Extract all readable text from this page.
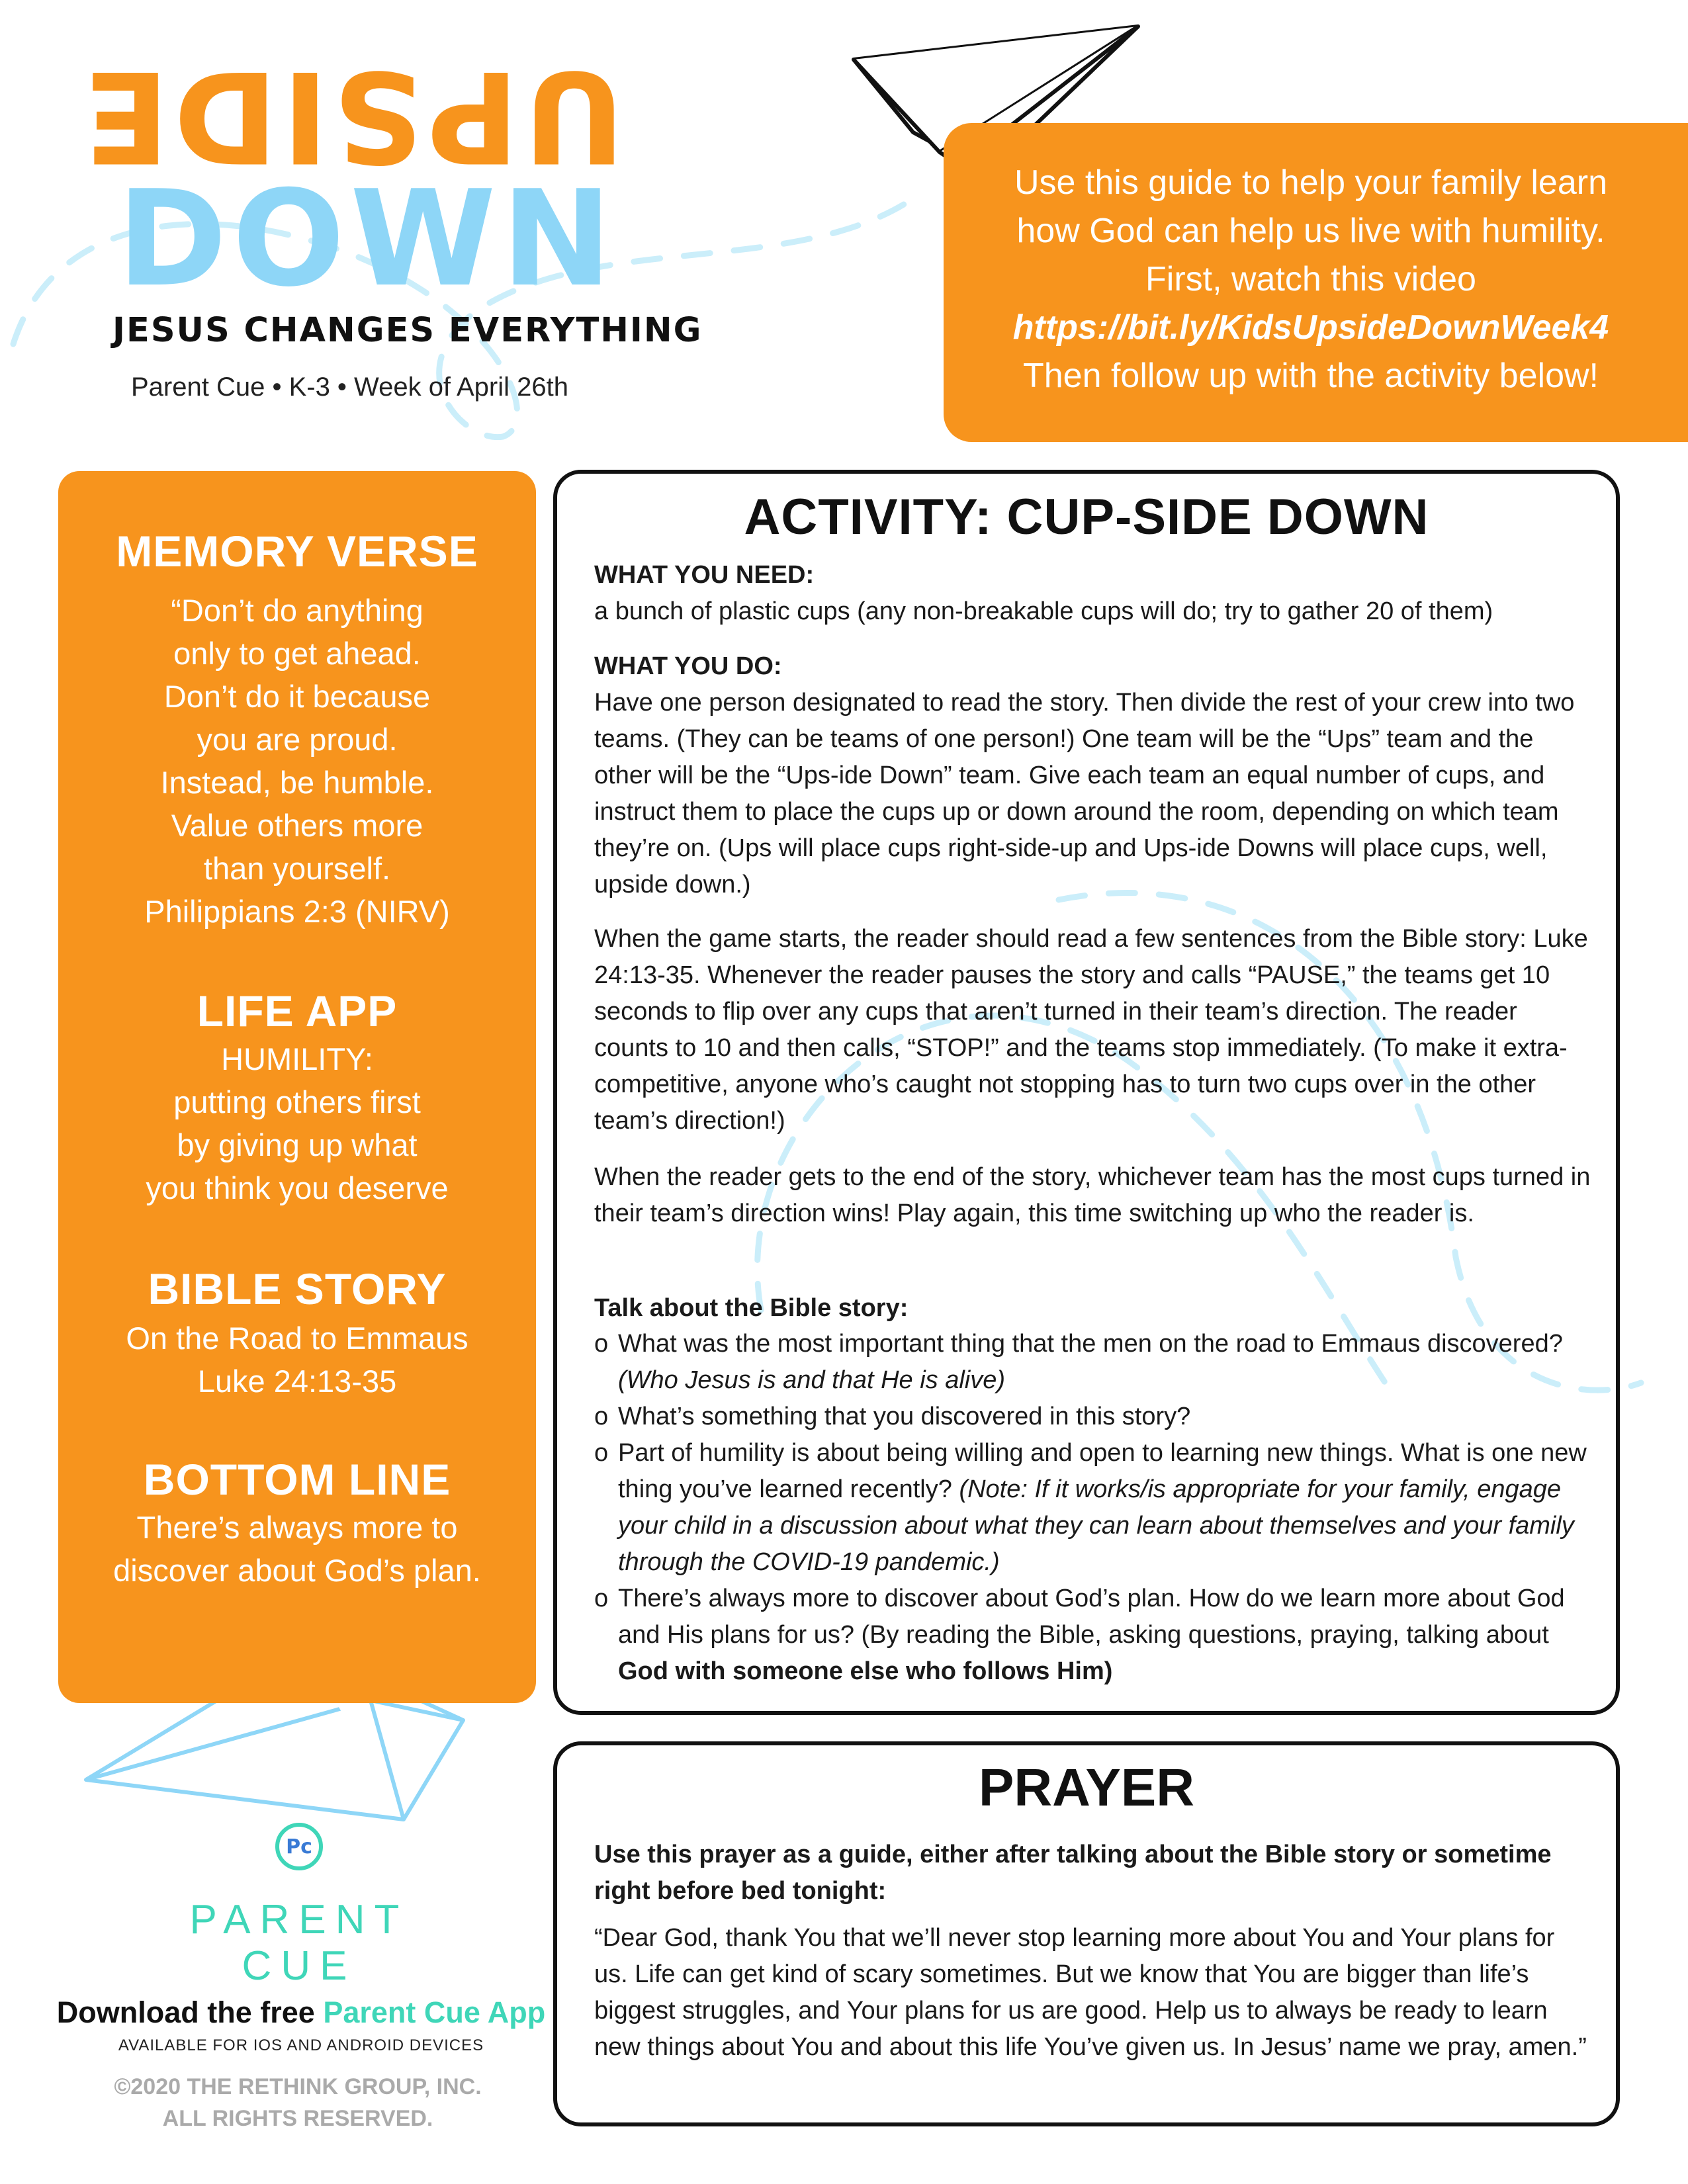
UPSIDE
DOWN
JESUS CHANGES EVERYTHING
Parent Cue • K-3 • Week of April 26th
Use this guide to help your family learn
how God can help us live with humility.
First, watch this video
https://bit.ly/KidsUpsideDownWeek4
Then follow up with the activity below!
MEMORY VERSE
“Don’t do anything
only to get ahead.
Don’t do it because
you are proud.
Instead, be humble.
Value others more
than yourself.
Philippians 2:3 (NIRV)
LIFE APP
HUMILITY:
putting others first
by giving up what
you think you deserve
BIBLE STORY
On the Road to Emmaus
Luke 24:13-35
BOTTOM LINE
There’s always more to
discover about God’s plan.
ACTIVITY: CUP-SIDE DOWN
WHAT YOU NEED:
a bunch of plastic cups (any non-breakable cups will do; try to gather 20 of them)
WHAT YOU DO:
Have one person designated to read the story. Then divide the rest of your crew into two teams. (They can be teams of one person!) One team will be the “Ups” team and the other will be the “Ups-ide Down” team. Give each team an equal number of cups, and instruct them to place the cups up or down around the room, depending on which team they’re on. (Ups will place cups right-side-up and Ups-ide Downs will place cups, well, upside down.)
When the game starts, the reader should read a few sentences from the Bible story: Luke 24:13-35. Whenever the reader pauses the story and calls “PAUSE,” the teams get 10 seconds to flip over any cups that aren’t turned in their team’s direction. The reader counts to 10 and then calls, “STOP!” and the teams stop immediately. (To make it extra-competitive, anyone who’s caught not stopping has to turn two cups over in the other team’s direction!)
When the reader gets to the end of the story, whichever team has the most cups turned in their team’s direction wins! Play again, this time switching up who the reader is.
Talk about the Bible story:
o What was the most important thing that the men on the road to Emmaus discovered? (Who Jesus is and that He is alive)
o What’s something that you discovered in this story?
o Part of humility is about being willing and open to learning new things. What is one new thing you’ve learned recently? (Note: If it works/is appropriate for your family, engage your child in a discussion about what they can learn about themselves and your family through the COVID-19 pandemic.)
o There’s always more to discover about God’s plan. How do we learn more about God and His plans for us? (By reading the Bible, asking questions, praying, talking about God with someone else who follows Him)
PRAYER
Use this prayer as a guide, either after talking about the Bible story or sometime right before bed tonight:
“Dear God, thank You that we’ll never stop learning more about You and Your plans for us. Life can get kind of scary sometimes. But we know that You are bigger than life’s biggest struggles, and Your plans for us are good. Help us to always be ready to learn new things about You and about this life You’ve given us. In Jesus’ name we pray, amen.”
Pc
PARENT
CUE
Download the free Parent Cue App
AVAILABLE FOR IOS AND ANDROID DEVICES
©2020 THE RETHINK GROUP, INC.
ALL RIGHTS RESERVED.
